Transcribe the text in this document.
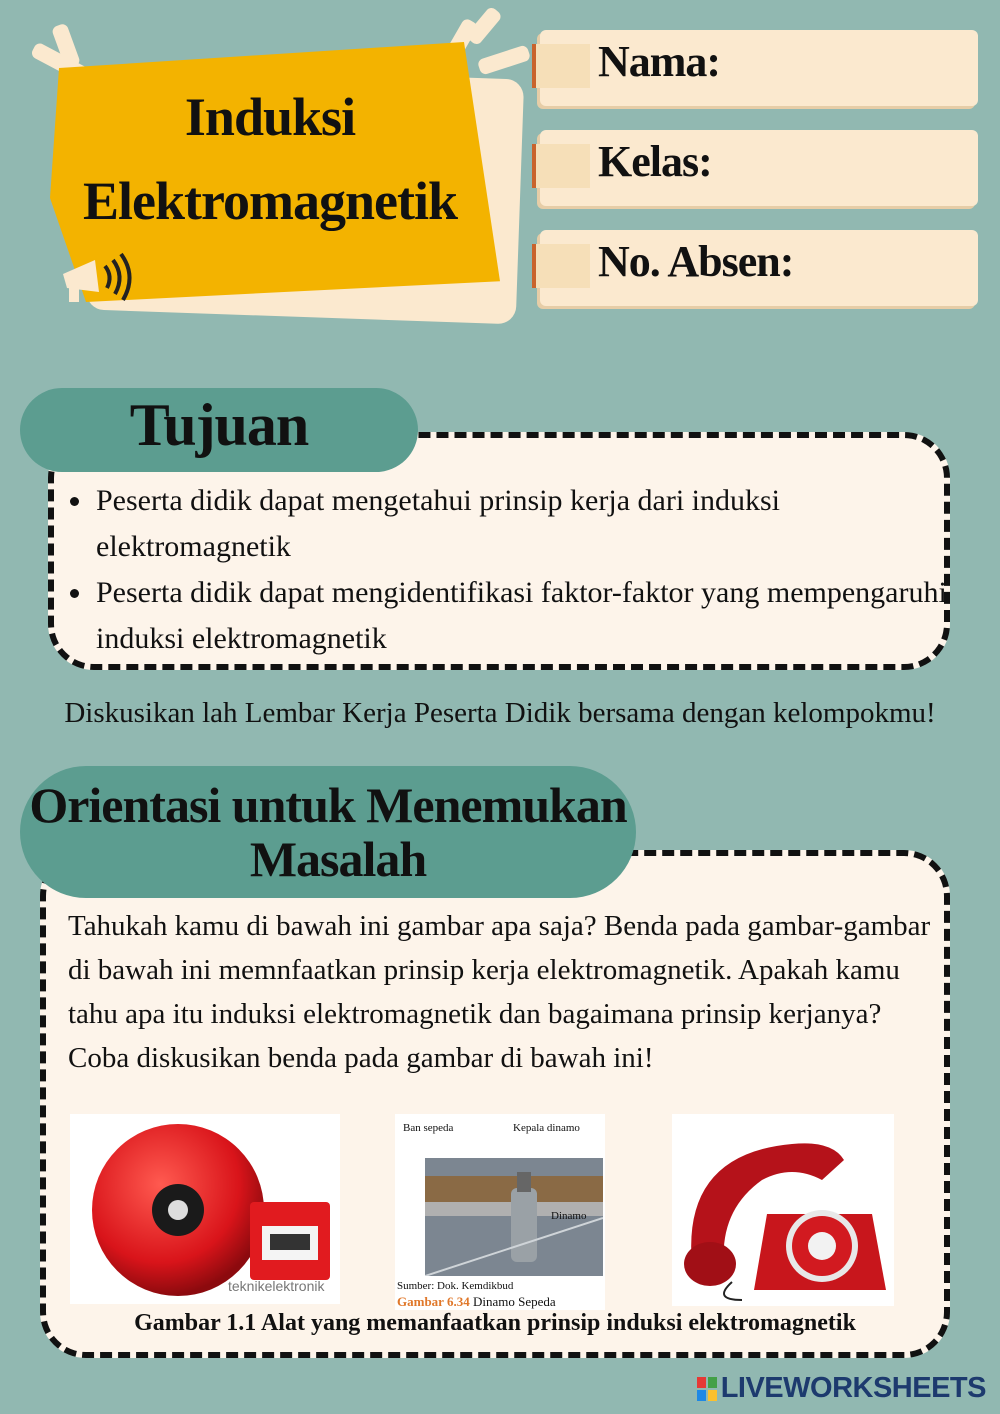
Induksi
Elektromagnetik
Nama:
Kelas:
No. Absen:
Tujuan
• Peserta didik dapat mengetahui prinsip kerja dari induksi elektromagnetik
• Peserta didik dapat mengidentifikasi faktor-faktor yang mempengaruhi induksi elektromagnetik
Diskusikan lah Lembar Kerja Peserta Didik bersama dengan kelompokmu!
Orientasi untuk Menemukan
Masalah

Tahukah kamu di bawah ini gambar apa saja? Benda pada gambar-gambar di bawah ini memnfaatkan prinsip kerja elektromagnetik. Apakah kamu tahu apa itu induksi elektromagnetik dan bagaimana prinsip kerjanya?

Coba diskusikan benda pada gambar di bawah ini!

teknikelektronik
Ban sepeda	Kepala dinamo
Dinamo
Sumber: Dok. Kemdikbud
Gambar 6.34 Dinamo Sepeda
Gambar 1.1 Alat yang memanfaatkan prinsip induksi elektromagnetik
LIVEWORKSHEETS
